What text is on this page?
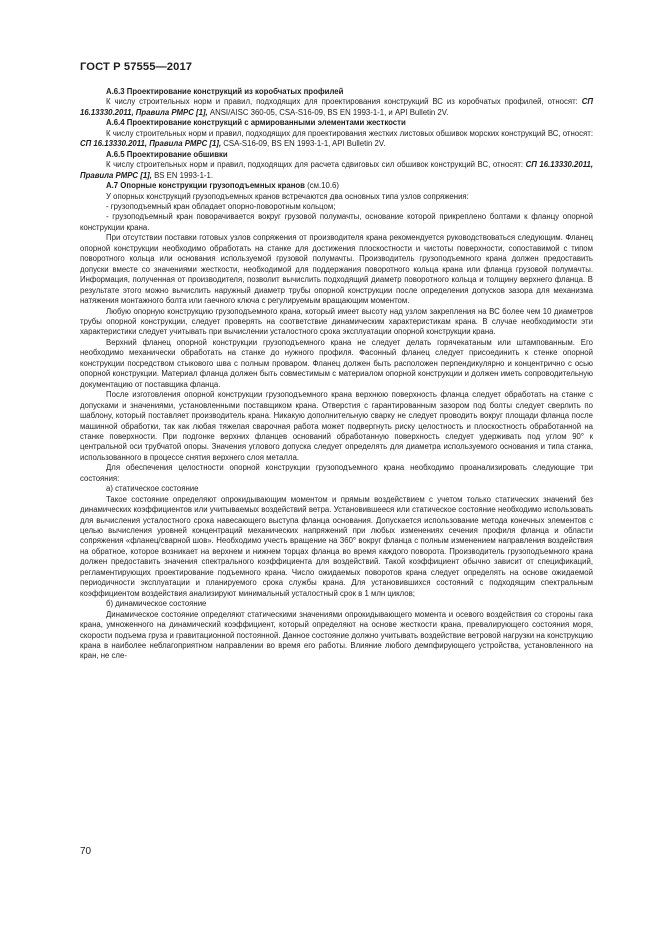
ГОСТ Р 57555—2017

А.6.3 Проектирование конструкций из коробчатых профилей

К числу строительных норм и правил, подходящих для проектирования конструкций ВС из коробчатых профилей, относят: СП 16.13330.2011, Правила РМРС [1], ANSI/AISC 360-05, CSA-S16-09, BS EN 1993-1-1, и API Bulletin 2V.

А.6.4 Проектирование конструкций с армированными элементами жесткости

К числу строительных норм и правил, подходящих для проектирования жестких листовых обшивок морских конструкций ВС, относят: СП 16.13330.2011, Правила РМРС [1], CSA-S16-09, BS EN 1993-1-1, API Bulletin 2V.

А.6.5 Проектирование обшивки

К числу строительных норм и правил, подходящих для расчета сдвиговых сил обшивок конструкций ВС, относят: СП 16.13330.2011, Правила РМРС [1], BS EN 1993-1-1.

А.7 Опорные конструкции грузоподъемных кранов (см.10.6)

У опорных конструкций грузоподъемных кранов встречаются два основных типа узлов сопряжения:

- грузоподъемный кран обладает опорно-поворотным кольцом;

- грузоподъемный кран поворачивается вокруг грузовой полумачты, основание которой прикреплено болтами к фланцу опорной конструкции крана.

При отсутствии поставки готовых узлов сопряжения от производителя крана рекомендуется руководствоваться следующим. Фланец опорной конструкции необходимо обработать на станке для достижения плоскостности и чистоты поверхности, сопоставимой с типом поворотного кольца или основания используемой грузовой полумачты. Производитель грузоподъемного крана должен предоставить допуски вместе со значениями жесткости, необходимой для поддержания поворотного кольца крана или фланца грузовой полумачты. Информация, полученная от производителя, позволит вычислить подходящий диаметр поворотного кольца и толщину верхнего фланца. В результате этого можно вычислить наружный диаметр трубы опорной конструкции после определения допусков зазора для механизма натяжения монтажного болта или гаечного ключа с регулируемым вращающим моментом.

Любую опорную конструкцию грузоподъемного крана, который имеет высоту над узлом закрепления на ВС более чем 10 диаметров трубы опорной конструкции, следует проверять на соответствие динамическим характеристикам крана. В случае необходимости эти характеристики следует учитывать при вычислении усталостного срока эксплуатации опорной конструкции крана.

Верхний фланец опорной конструкции грузоподъемного крана не следует делать горячекатаным или штампованным. Его необходимо механически обработать на станке до нужного профиля. Фасонный фланец следует присоединить к стенке опорной конструкции посредством стыкового шва с полным проваром. Фланец должен быть расположен перпендикулярно и концентрично с осью опорной конструкции. Материал фланца должен быть совместимым с материалом опорной конструкции и должен иметь сопроводительную документацию от поставщика фланца.

После изготовления опорной конструкции грузоподъемного крана верхнюю поверхность фланца следует обработать на станке с допусками и значениями, установленными поставщиком крана. Отверстия с гарантированным зазором под болты следует сверлить по шаблону, который поставляет производитель крана. Никакую дополнительную сварку не следует проводить вокруг площади фланца после машинной обработки, так как любая тяжелая сварочная работа может подвергнуть риску целостность и плоскостность обработанной на станке поверхности. При подгонке верхних фланцев оснований обработанную поверхность следует удерживать под углом 90° к центральной оси трубчатой опоры. Значения углового допуска следует определять для диаметра используемого основания и типа станка, использованного в процессе снятия верхнего слоя металла.

Для обеспечения целостности опорной конструкции грузоподъемного крана необходимо проанализировать следующие три состояния:

а) статическое состояние

Такое состояние определяют опрокидывающим моментом и прямым воздействием с учетом только статических значений без динамических коэффициентов или учитываемых воздействий ветра. Установившееся или статическое состояние необходимо использовать для вычисления усталостного срока навесающего выступа фланца основания. Допускается использование метода конечных элементов с целью вычисления уровней концентраций механических напряжений при любых изменениях сечения профиля фланца и области сопряжения «фланец/сварной шов». Необходимо учесть вращение на 360° вокруг фланца с полным изменением направления воздействия на обратное, которое возникает на верхнем и нижнем торцах фланца во время каждого поворота. Производитель грузоподъемного крана должен предоставить значения спектрального коэффициента для воздействий. Такой коэффициент обычно зависит от спецификаций, регламентирующих проектирование подъемного крана. Число ожидаемых поворотов крана следует определять на основе ожидаемой периодичности эксплуатации и планируемого срока службы крана. Для установившихся состояний с подходящим спектральным коэффициентом воздействия анализируют минимальный усталостный срок в 1 млн циклов;

б) динамическое состояние

Динамическое состояние определяют статическими значениями опрокидывающего момента и осевого воздействия со стороны гака крана, умноженного на динамический коэффициент, который определяют на основе жесткости крана, превалирующего состояния моря, скорости подъема груза и гравитационной постоянной. Данное состояние должно учитывать воздействие ветровой нагрузки на конструкцию крана в наиболее неблагоприятном направлении во время его работы. Влияние любого демпфирующего устройства, установленного на кран, не сле-

70
